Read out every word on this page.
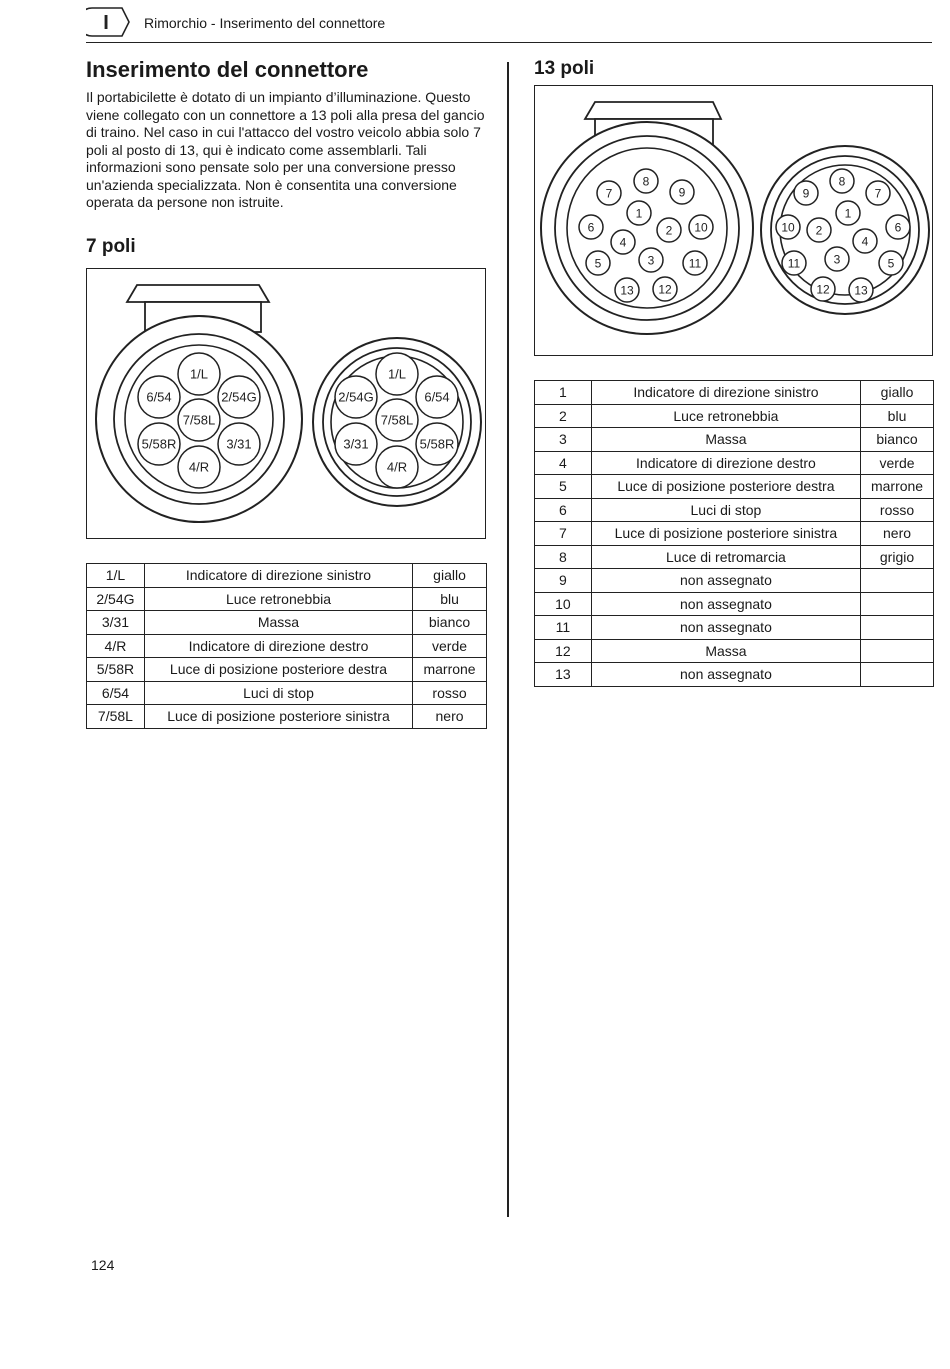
I	Rimorchio - Inserimento del connettore
Inserimento del connettore

Il portabicilette è dotato di un impianto d’illuminazione. Questo viene collegato con un connettore a 13 poli alla presa del gancio di traino. Nel caso in cui l'attacco del vostro veicolo abbia solo 7 poli al posto di 13, qui è indicato come assemblarli. Tali informazioni sono pensate solo per una conversione presso un'azienda specializzata. Non è consentita una conversione operata da persone non istruite.

7 poli
1/L
2/54G
6/54
7/58L
3/31
5/58R
4/R
1/L
2/54G	6/54
7/58L
3/31	5/58R
4/R
1/L	Indicatore di direzione sinistro	giallo
2/54G	Luce retronebbia	blu
3/31	Massa	bianco
4/R	Indicatore di direzione destro	verde
5/58R	Luce di posizione posteriore destra	marrone
6/54	Luci di stop	rosso
7/58L	Luce di posizione posteriore sinistra	nero
13 poli
1
2
3
4
5
6
7
8
9
10
11
12
13
1
2
3
4
5
6
7
8
9
10
11
12 13
1	Indicatore di direzione sinistro	giallo
2	Luce retronebbia	blu
3	Massa	bianco
4	Indicatore di direzione destro	verde
5	Luce di posizione posteriore destra	marrone
6	Luci di stop	rosso
7	Luce di posizione posteriore sinistra	nero
8	Luce di retromarcia	grigio
9	non assegnato	
10	non assegnato	
11	non assegnato	
12	Massa	
13	non assegnato	
124
